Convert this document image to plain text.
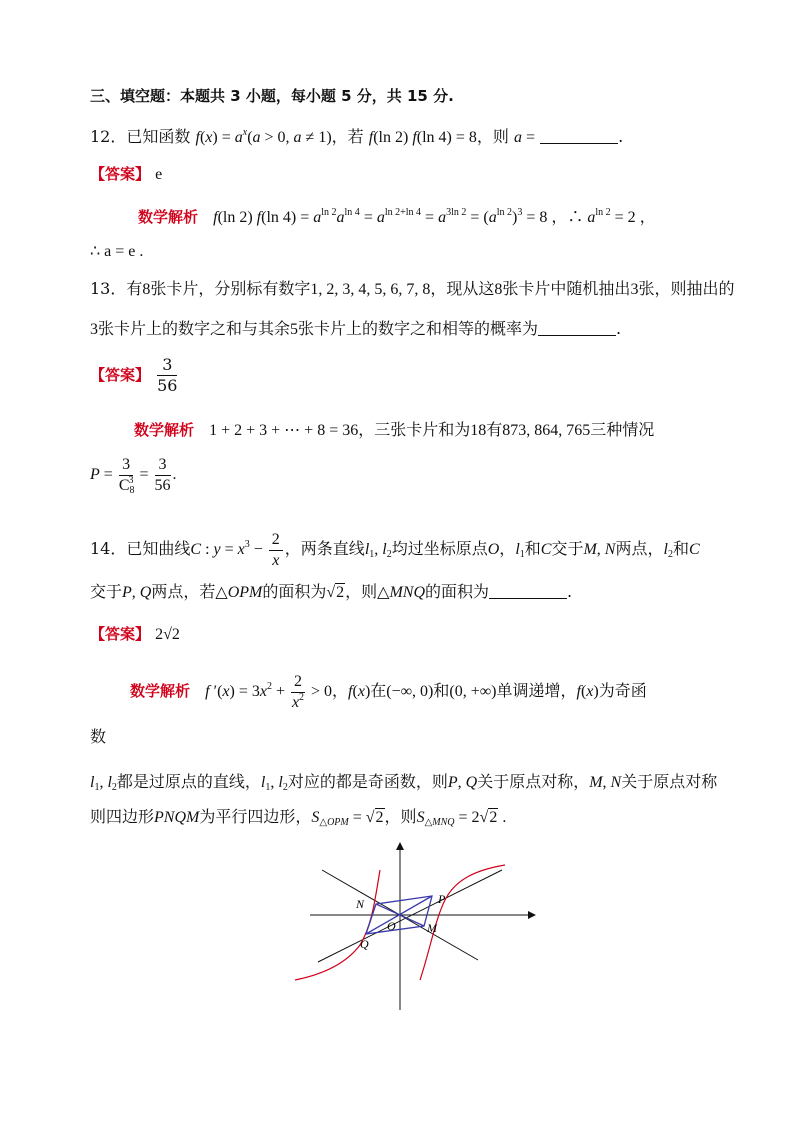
三、填空题：本题共 3 小题，每小题 5 分，共 15 分.
12．已知函数 $f(x) = a^x(a > 0$, a ≠ 1)，若 f(ln 2) f(ln 4) = 8，则 a =	.
【答案】 e
数学解析 f(ln 2) f(ln $4) = a^{ln 2}a^{ln 4} = a^{ln 2+ln 4} = a^{3ln 2} = (a^{ln 2})^3 = 8$ ，∴ $a^{ln 2} = 2$ ，
∴ a = e .
13．有8张卡片，分别标有数字1, 2, 3, 4, 5, 6, 7, 8，现从这8张卡片中随机抽出3张，则抽出的
3张卡片上的数字之和与其余5张卡片上的数字之和相等的概率为	.
【答案】 $\frac{3}{56}$
数学解析 1 + 2 + 3 + ⋯ + 8 = 36，三张卡片和为18有873, 864, 765三种情况
$P = \frac{3}{C_8^3} = \frac{3}{56}$ .
14．已知曲线C : $y = x^3 - \frac{2}{x}$ ，两条直线$l_1$, $l_2$均过坐标原点O，$l_1$和C交于M, N两点，$l_2$和C
交于P, Q两点，若△OPM的面积为√2，则△MNQ的面积为	.
【答案】 2√2
数学解析 f $'(x) = 3x^2 + \frac{2}{x^2} > 0$，f(x)在(−∞, 0)和(0, +∞)单调递增，f(x)为奇函
数
$l_1$, $l_2$都是过原点的直线，$l_1$, $l_2$对应的都是奇函数，则P, Q关于原点对称，M, N关于原点对称
则四边形PNQM为平行四边形，$S_{\triangle OPM} = √2$，则$S_{\triangle MNQ} = 2√2$ .
N	P
O	M
Q
